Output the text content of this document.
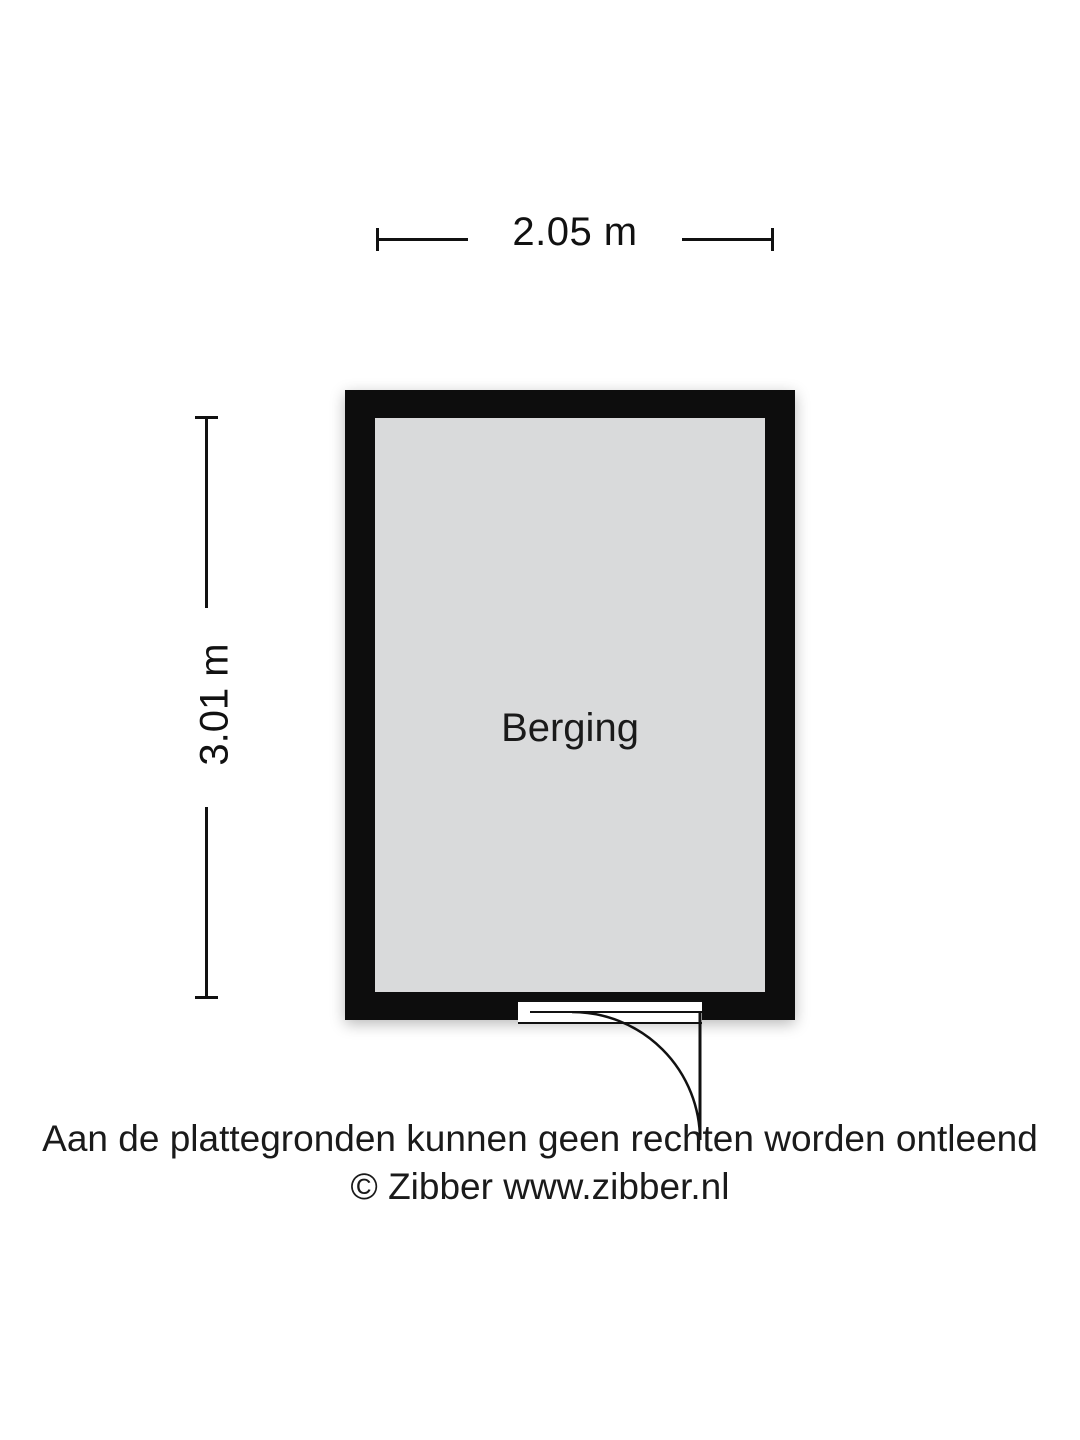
2.05 m
3.01 m	Berging
Aan de plattegronden kunnen geen rechten worden ontleend
© Zibber www.zibber.nl
